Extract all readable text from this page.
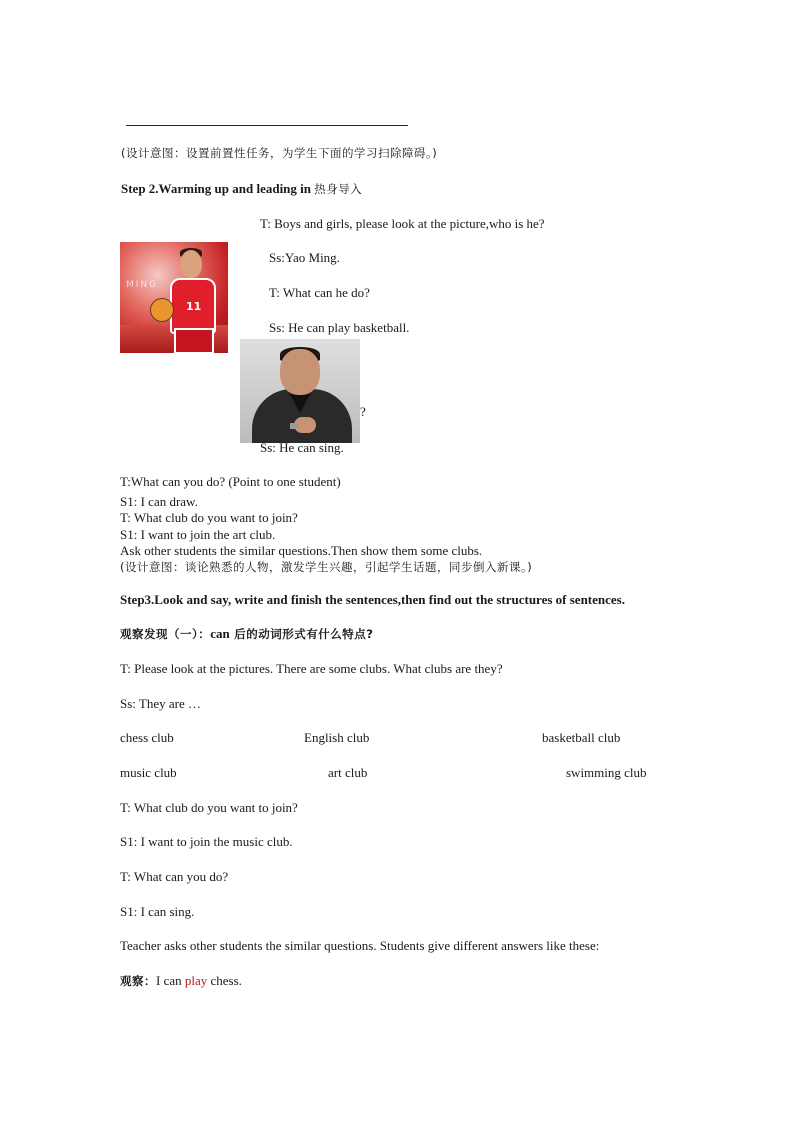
(设计意图：设置前置性任务，为学生下面的学习扫除障碍。)
Step 2.Warming up and leading in 热身导入
T: Boys and girls, please look at the picture,who is he?
Ss:Yao Ming.
T: What can he do?
Ss: He can play basketball.
MING
11
?
Ss: He can sing.
T:What can you do? (Point to one student)
S1: I can draw.
T: What club do you want to join?
S1: I want to join the art club.
Ask other students the similar questions.Then show them some clubs.
(设计意图：谈论熟悉的人物，激发学生兴趣，引起学生话题，同步倒入新课。)
Step3.Look and say, write and finish the sentences,then find out the structures of sentences.
观察发现（一）：can 后的动词形式有什么特点?
T: Please look at the pictures. There are some clubs. What clubs are they?
Ss: They are …
chess club	English club	basketball club
music club	art club	swimming club
T: What club do you want to join?
S1: I want to join the music club.
T: What can you do?
S1: I can sing.
Teacher asks other students the similar questions. Students give different answers like these:
观察：I can play chess.
